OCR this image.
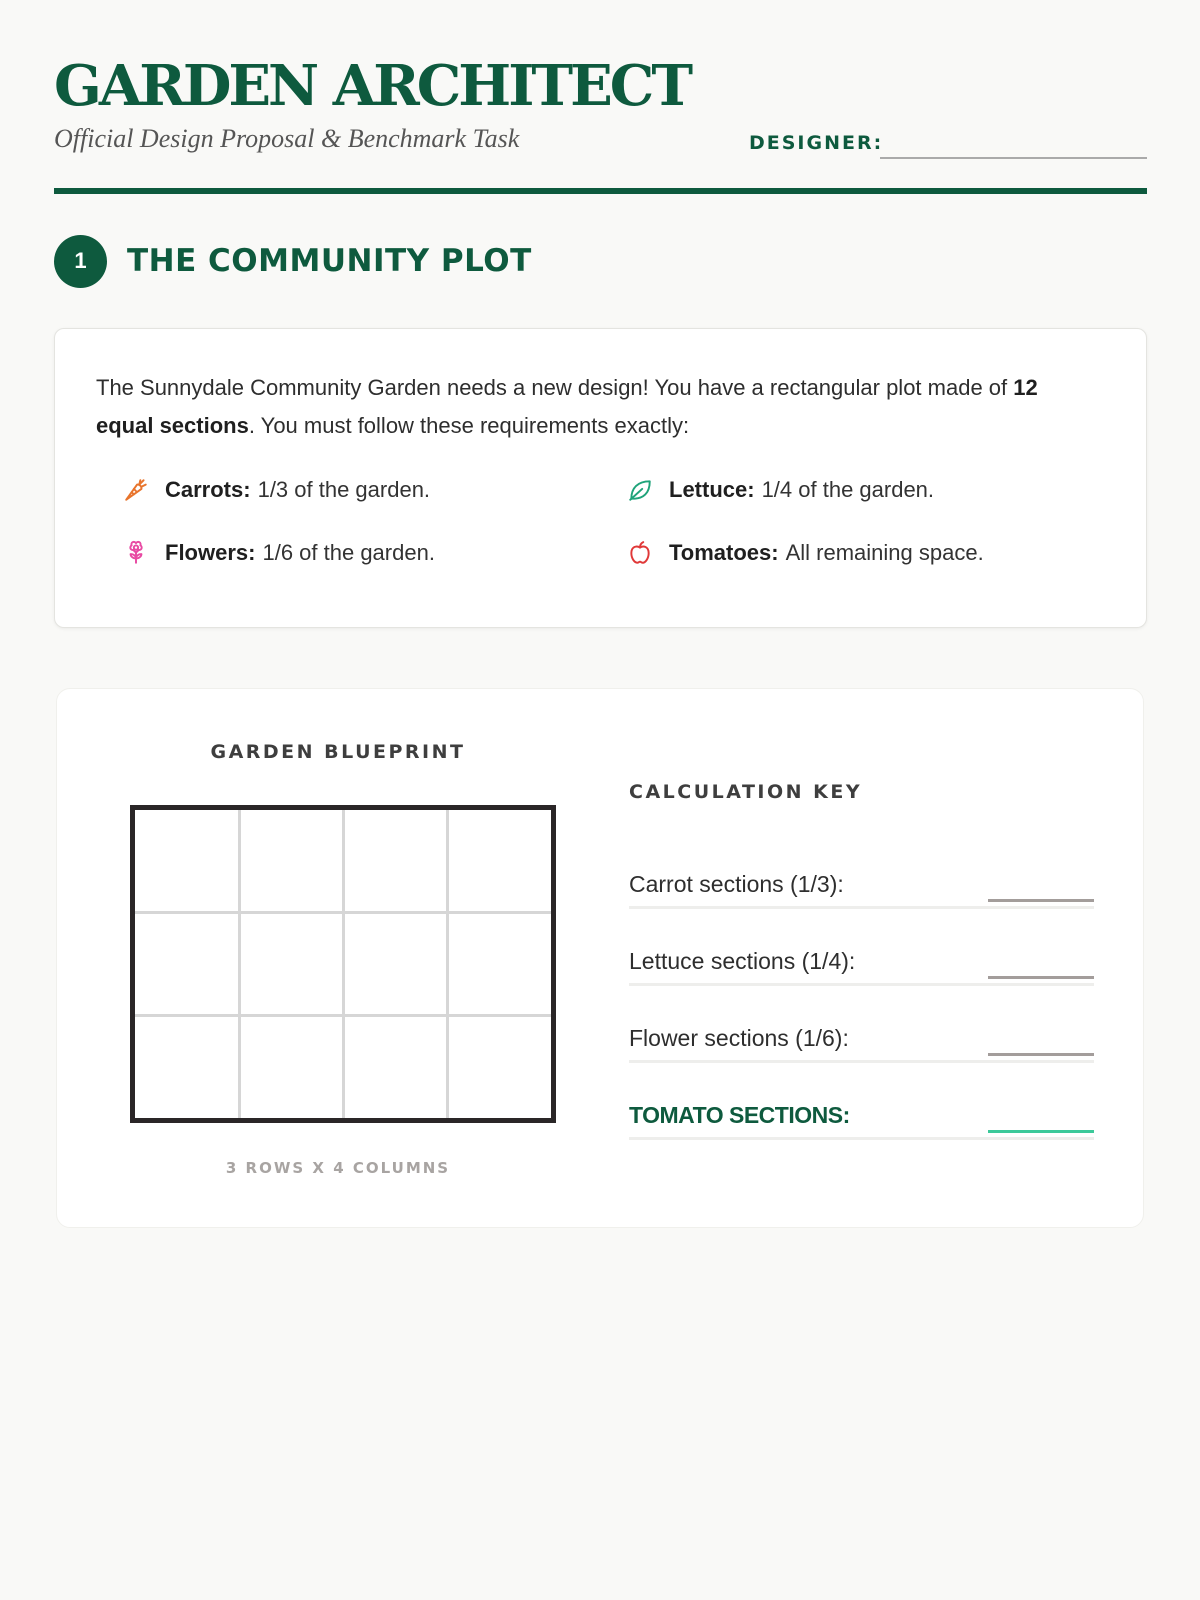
GARDEN ARCHITECT
Official Design Proposal & Benchmark Task	DESIGNER:
1	THE COMMUNITY PLOT

The Sunnydale Community Garden needs a new design! You have a rectangular plot made of 12 equal sections. You must follow these requirements exactly:

Carrots: 1/3 of the garden.	Lettuce: 1/4 of the garden.
Flowers: 1/6 of the garden.	Tomatoes: All remaining space.
GARDEN BLUEPRINT
3 ROWS X 4 COLUMNS
CALCULATION KEY
Carrot sections (1/3):
Lettuce sections (1/4):
Flower sections (1/6):
TOMATO SECTIONS:
